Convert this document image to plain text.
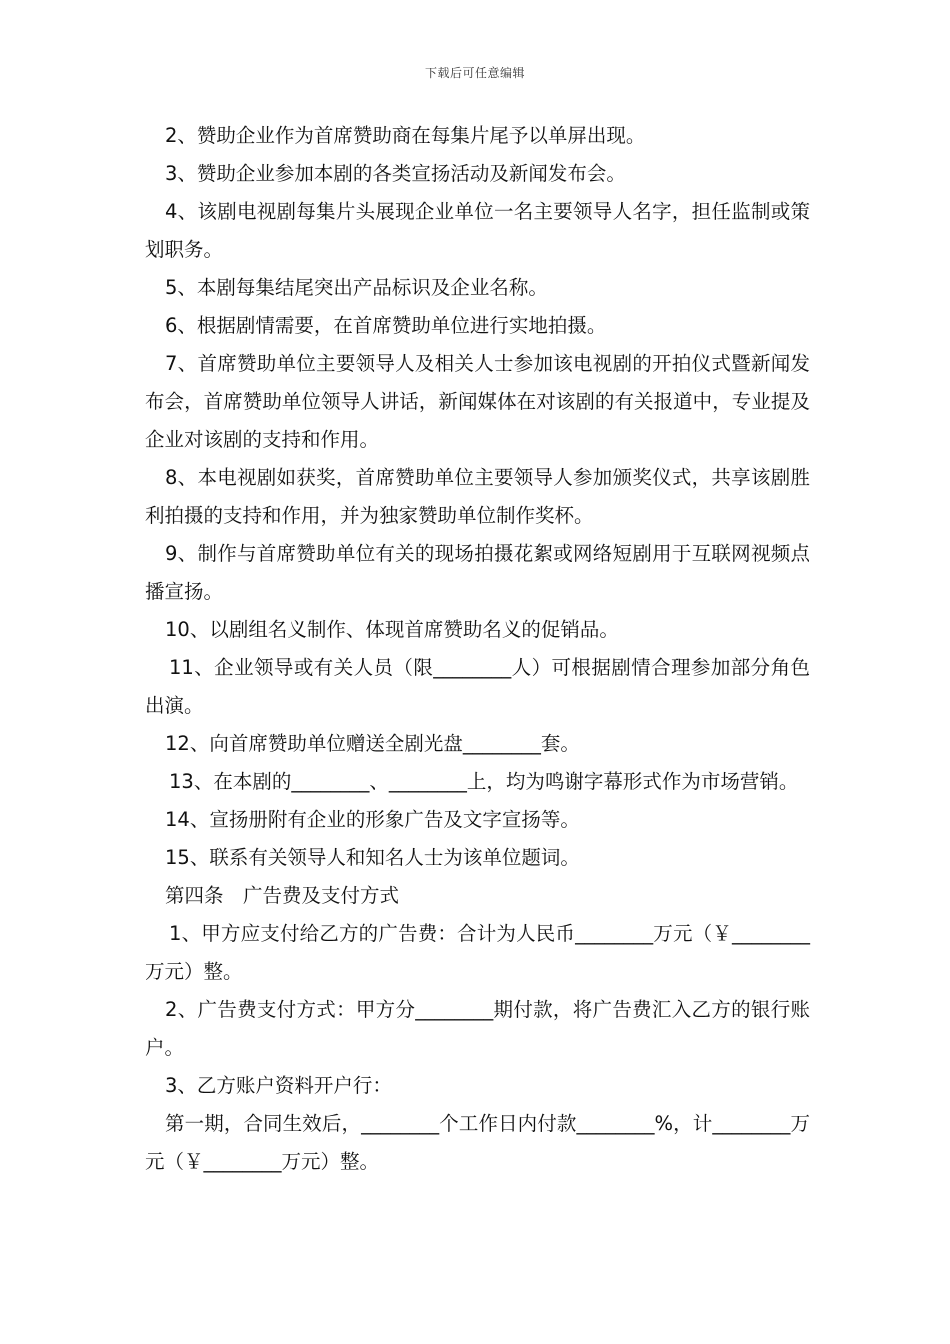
下载后可任意编辑

2、赞助企业作为首席赞助商在每集片尾予以单屏出现。

3、赞助企业参加本剧的各类宣扬活动及新闻发布会。

4、该剧电视剧每集片头展现企业单位一名主要领导人名字，担任监制或策划职务。

5、本剧每集结尾突出产品标识及企业名称。

6、根据剧情需要，在首席赞助单位进行实地拍摄。

7、首席赞助单位主要领导人及相关人士参加该电视剧的开拍仪式暨新闻发布会，首席赞助单位领导人讲话，新闻媒体在对该剧的有关报道中，专业提及企业对该剧的支持和作用。

8、本电视剧如获奖，首席赞助单位主要领导人参加颁奖仪式，共享该剧胜利拍摄的支持和作用，并为独家赞助单位制作奖杯。

9、制作与首席赞助单位有关的现场拍摄花絮或网络短剧用于互联网视频点播宣扬。

10、以剧组名义制作、体现首席赞助名义的促销品。

11、企业领导或有关人员（限________人）可根据剧情合理参加部分角色出演。

12、向首席赞助单位赠送全剧光盘________套。

13、在本剧的________、________上，均为鸣谢字幕形式作为市场营销。

14、宣扬册附有企业的形象广告及文字宣扬等。

15、联系有关领导人和知名人士为该单位题词。

第四条　广告费及支付方式

1、甲方应支付给乙方的广告费：合计为人民币________万元（￥________万元）整。

2、广告费支付方式：甲方分________期付款，将广告费汇入乙方的银行账户。

3、乙方账户资料开户行：

第一期，合同生效后，________个工作日内付款________%，计________万元（￥________万元）整。
